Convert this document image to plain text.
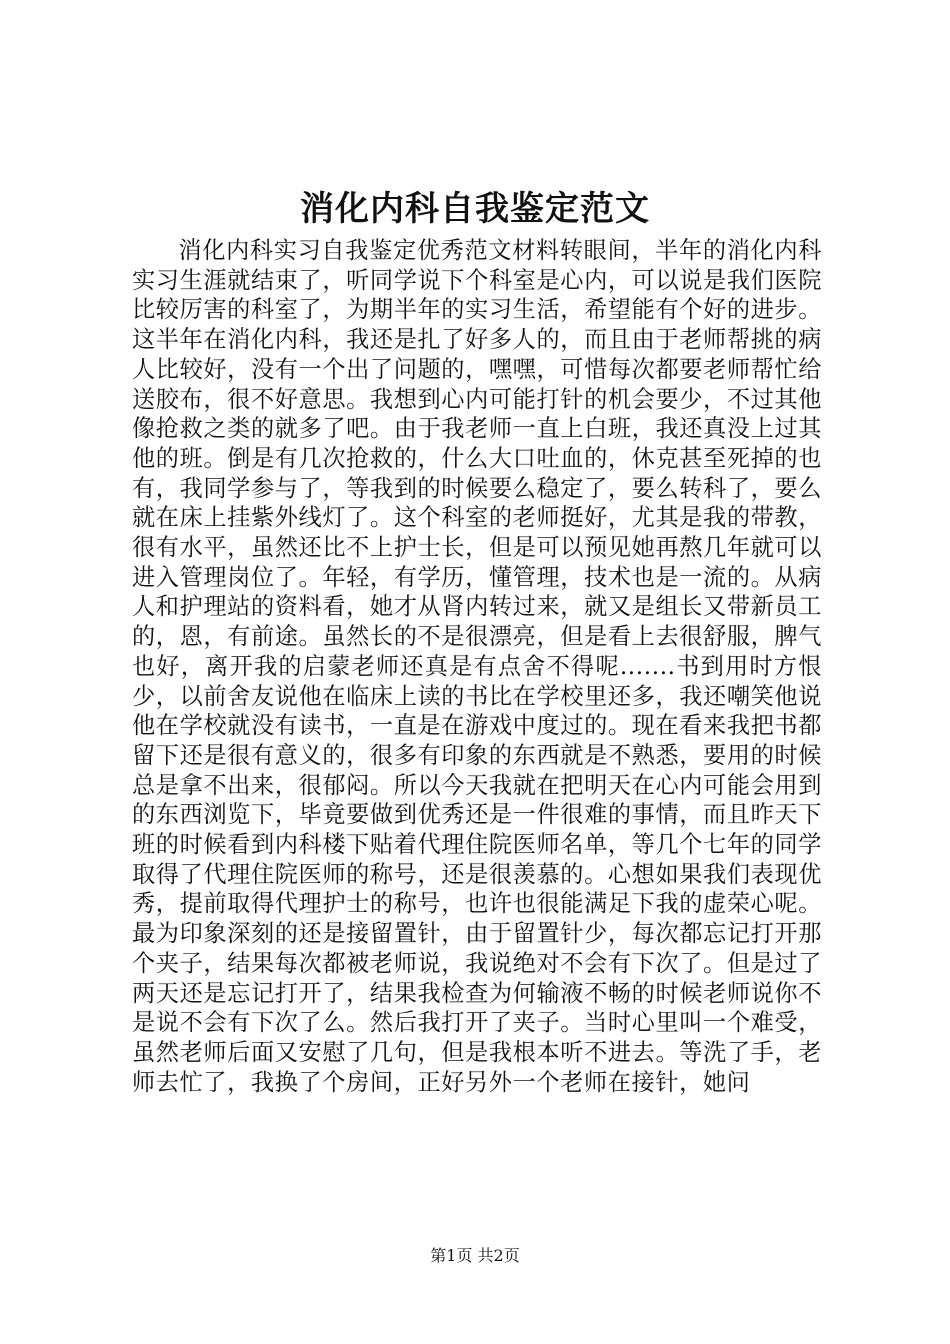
消化内科自我鉴定范文

消化内科实习自我鉴定优秀范文材料转眼间，半年的消化内科实习生涯就结束了，听同学说下个科室是心内，可以说是我们医院比较厉害的科室了，为期半年的实习生活，希望能有个好的进步。这半年在消化内科，我还是扎了好多人的，而且由于老师帮挑的病人比较好，没有一个出了问题的，嘿嘿，可惜每次都要老师帮忙给送胶布，很不好意思。我想到心内可能打针的机会要少，不过其他像抢救之类的就多了吧。由于我老师一直上白班，我还真没上过其他的班。倒是有几次抢救的，什么大口吐血的，休克甚至死掉的也有，我同学参与了，等我到的时候要么稳定了，要么转科了，要么就在床上挂紫外线灯了。这个科室的老师挺好，尤其是我的带教，很有水平，虽然还比不上护士长，但是可以预见她再熬几年就可以进入管理岗位了。年轻，有学历，懂管理，技术也是一流的。从病人和护理站的资料看，她才从肾内转过来，就又是组长又带新员工的，恩，有前途。虽然长的不是很漂亮，但是看上去很舒服，脾气也好，离开我的启蒙老师还真是有点舍不得呢.......书到用时方恨少，以前舍友说他在临床上读的书比在学校里还多，我还嘲笑他说他在学校就没有读书，一直是在游戏中度过的。现在看来我把书都留下还是很有意义的，很多有印象的东西就是不熟悉，要用的时候总是拿不出来，很郁闷。所以今天我就在把明天在心内可能会用到的东西浏览下，毕竟要做到优秀还是一件很难的事情，而且昨天下班的时候看到内科楼下贴着代理住院医师名单，等几个七年的同学取得了代理住院医师的称号，还是很羡慕的。心想如果我们表现优秀，提前取得代理护士的称号，也许也很能满足下我的虚荣心呢。最为印象深刻的还是接留置针，由于留置针少，每次都忘记打开那个夹子，结果每次都被老师说，我说绝对不会有下次了。但是过了两天还是忘记打开了，结果我检查为何输液不畅的时候老师说你不是说不会有下次了么。然后我打开了夹子。当时心里叫一个难受，虽然老师后面又安慰了几句，但是我根本听不进去。等洗了手，老师去忙了，我换了个房间，正好另外一个老师在接针，她问

第1页 共2页
